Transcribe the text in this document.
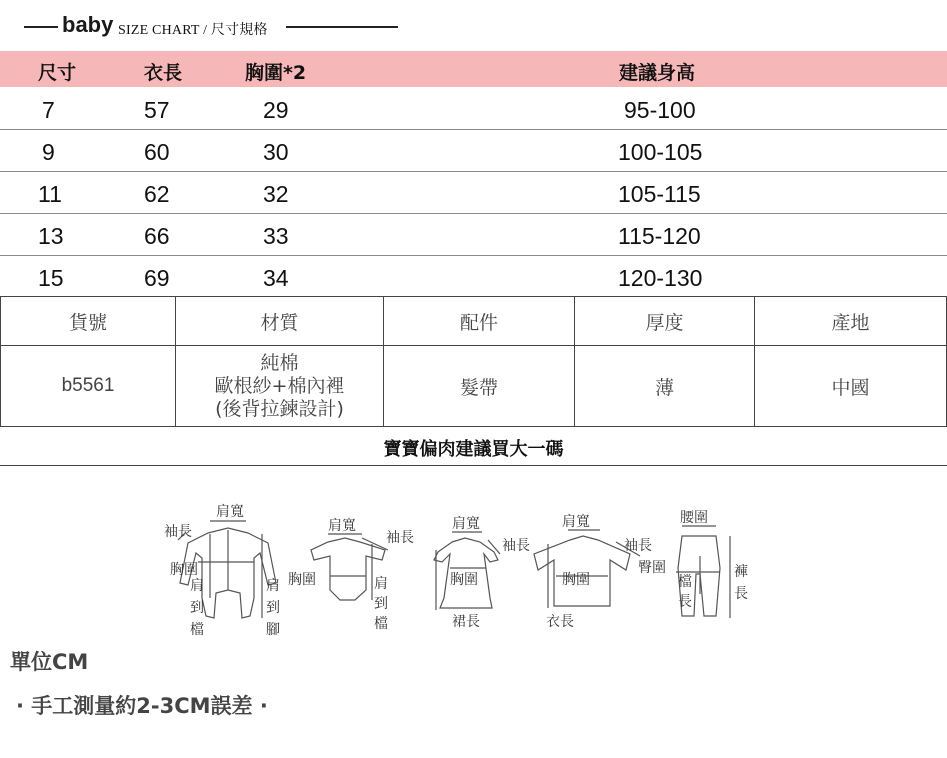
baby SIZE CHART / 尺寸規格
尺寸	衣長	胸圍*2	建議身高
7	57	29	95-100
9	60	30	100-105
11	62	32	105-115
13	66	33	115-120
15	69	34	120-130
貨號	材質	配件	厚度	產地
b5561	純棉
歐根紗+棉內裡
(後背拉鍊設計)	髮帶	薄	中國
寶寶偏肉建議買大一碼
肩寬
袖長
胸圍
肩
到
檔
肩
到
腳
肩寬
袖長
胸圍	肩
到
檔
肩寬
袖長
胸圍
裙長
肩寬
袖長
胸圍
衣長
腰圍
臀圍
檔
長
褲
長
單位CM
· 手工測量約2-3CM誤差 ·
